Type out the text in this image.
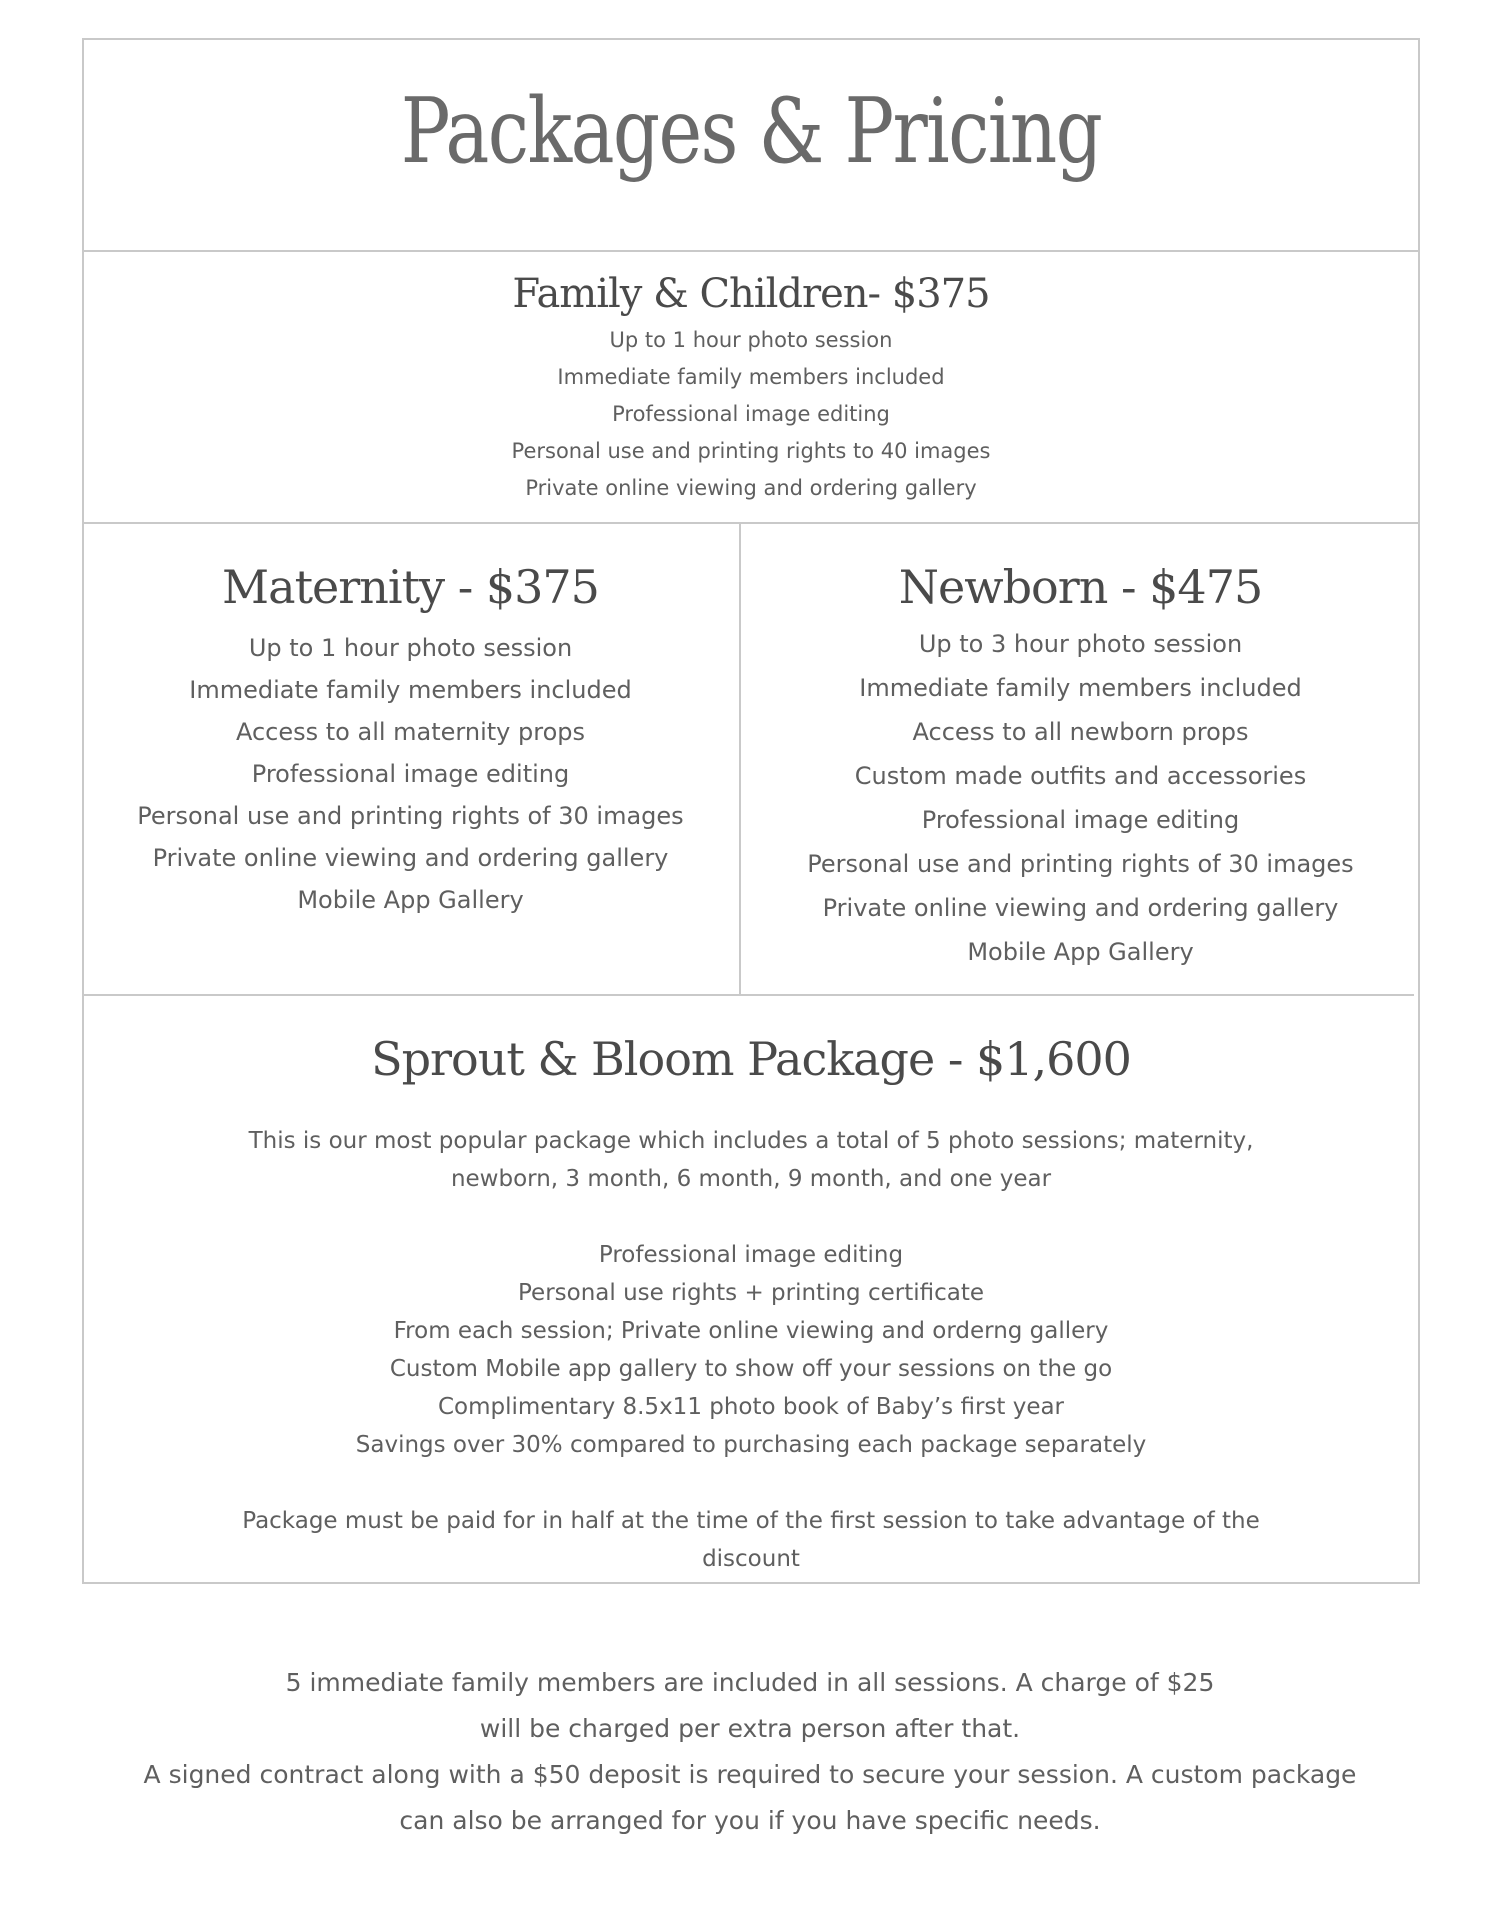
Packages & Pricing
Family & Children- $375
Up to 1 hour photo session
Immediate family members included
Professional image editing
Personal use and printing rights to 40 images
Private online viewing and ordering gallery
Maternity - $375
Up to 1 hour photo session
Immediate family members included
Access to all maternity props
Professional image editing
Personal use and printing rights of 30 images
Private online viewing and ordering gallery
Mobile App Gallery
Newborn - $475
Up to 3 hour photo session
Immediate family members included
Access to all newborn props
Custom made outfits and accessories
Professional image editing
Personal use and printing rights of 30 images
Private online viewing and ordering gallery
Mobile App Gallery
Sprout & Bloom Package - $1,600
This is our most popular package which includes a total of 5 photo sessions; maternity,
newborn, 3 month, 6 month, 9 month, and one year
Professional image editing
Personal use rights + printing certificate
From each session; Private online viewing and orderng gallery
Custom Mobile app gallery to show off your sessions on the go
Complimentary 8.5x11 photo book of Baby’s first year
Savings over 30% compared to purchasing each package separately
Package must be paid for in half at the time of the first session to take advantage of the
discount
5 immediate family members are included in all sessions. A charge of $25
will be charged per extra person after that.
A signed contract along with a $50 deposit is required to secure your session. A custom package
can also be arranged for you if you have specific needs.
